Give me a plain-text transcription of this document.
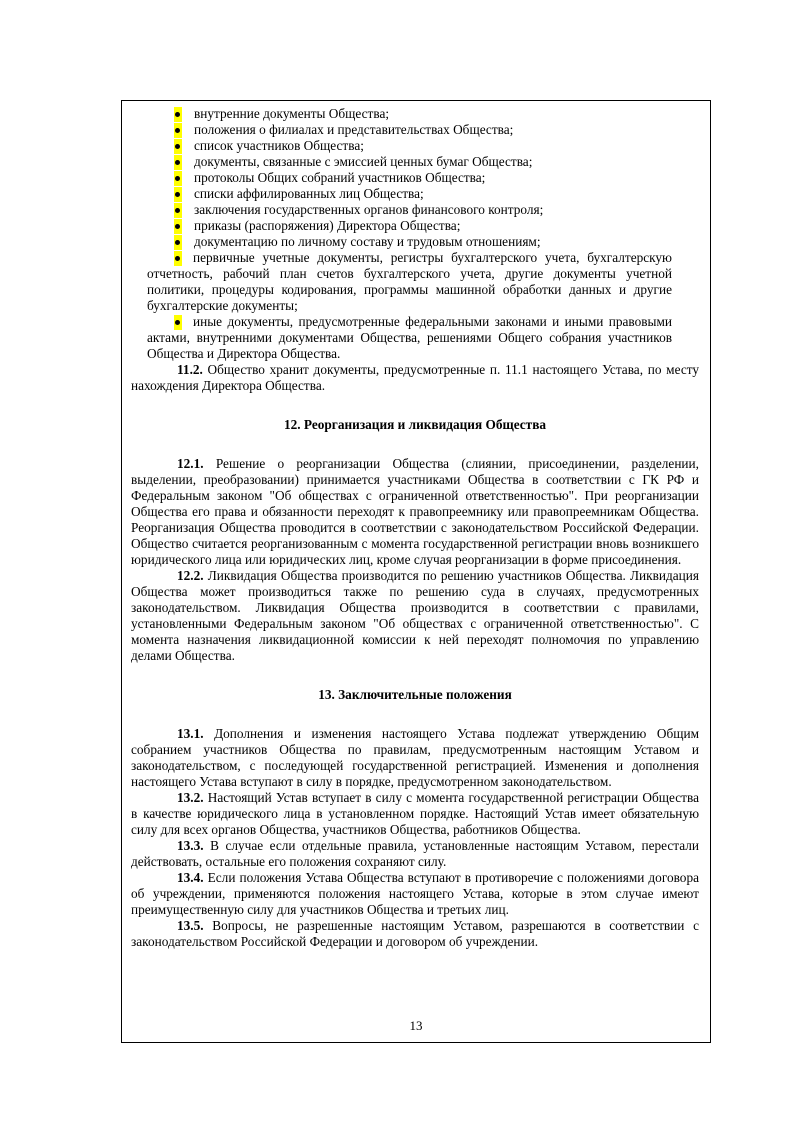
внутренние документы Общества;
положения о филиалах и представительствах Общества;
список участников Общества;
документы, связанные с эмиссией ценных бумаг Общества;
протоколы Общих собраний участников Общества;
списки аффилированных лиц Общества;
заключения государственных органов финансового контроля;
приказы (распоряжения) Директора Общества;
документацию по личному составу и трудовым отношениям;
первичные учетные документы, регистры бухгалтерского учета, бухгалтерскую отчетность, рабочий план счетов бухгалтерского учета, другие документы учетной политики, процедуры кодирования, программы машинной обработки данных и другие бухгалтерские документы;
иные документы, предусмотренные федеральными законами и иными правовыми актами, внутренними документами Общества, решениями Общего собрания участников Общества и Директора Общества.

11.2. Общество хранит документы, предусмотренные п. 11.1 настоящего Устава, по месту нахождения Директора Общества.

12. Реорганизация и ликвидация Общества

12.1. Решение о реорганизации Общества (слиянии, присоединении, разделении, выделении, преобразовании) принимается участниками Общества в соответствии с ГК РФ и Федеральным законом "Об обществах с ограниченной ответственностью". При реорганизации Общества его права и обязанности переходят к правопреемнику или правопреемникам Общества. Реорганизация Общества проводится в соответствии с законодательством Российской Федерации. Общество считается реорганизованным с момента государственной регистрации вновь возникшего юридического лица или юридических лиц, кроме случая реорганизации в форме присоединения.

12.2. Ликвидация Общества производится по решению участников Общества. Ликвидация Общества может производиться также по решению суда в случаях, предусмотренных законодательством. Ликвидация Общества производится в соответствии с правилами, установленными Федеральным законом "Об обществах с ограниченной ответственностью". С момента назначения ликвидационной комиссии к ней переходят полномочия по управлению делами Общества.

13. Заключительные положения

13.1. Дополнения и изменения настоящего Устава подлежат утверждению Общим собранием участников Общества по правилам, предусмотренным настоящим Уставом и законодательством, с последующей государственной регистрацией. Изменения и дополнения настоящего Устава вступают в силу в порядке, предусмотренном законодательством.

13.2. Настоящий Устав вступает в силу с момента государственной регистрации Общества в качестве юридического лица в установленном порядке. Настоящий Устав имеет обязательную силу для всех органов Общества, участников Общества, работников Общества.

13.3. В случае если отдельные правила, установленные настоящим Уставом, перестали действовать, остальные его положения сохраняют силу.

13.4. Если положения Устава Общества вступают в противоречие с положениями договора об учреждении, применяются положения настоящего Устава, которые в этом случае имеют преимущественную силу для участников Общества и третьих лиц.

13.5. Вопросы, не разрешенные настоящим Уставом, разрешаются в соответствии с законодательством Российской Федерации и договором об учреждении.

13
